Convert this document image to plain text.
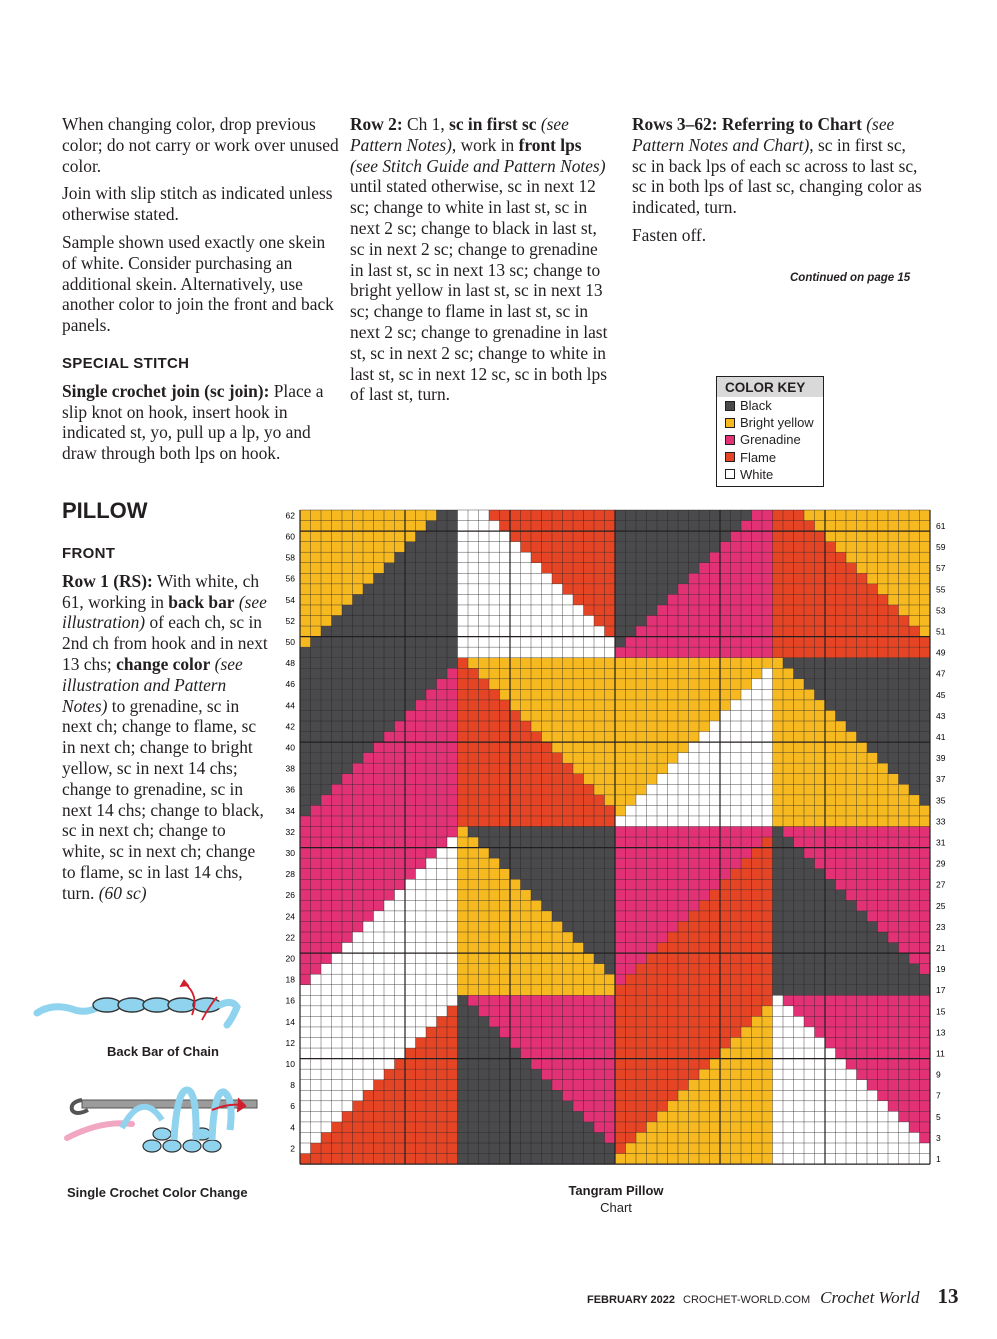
When changing color, drop previous color; do not carry or work over unused color.

Join with slip stitch as indicated unless otherwise stated.

Sample shown used exactly one skein of white. Consider purchasing an additional skein. Alternatively, use another color to join the front and back panels.

SPECIAL STITCH

Single crochet join (sc join): Place a slip knot on hook, insert hook in indicated st, yo, pull up a lp, yo and draw through both lps on hook.

Row 2: Ch 1, sc in first sc (see Pattern Notes), work in front lps (see Stitch Guide and Pattern Notes) until stated otherwise, sc in next 12 sc; change to white in last st, sc in next 2 sc; change to black in last st, sc in next 2 sc; change to grenadine in last st, sc in next 13 sc; change to bright yellow in last st, sc in next 13 sc; change to flame in last st, sc in next 2 sc; change to grenadine in last st, sc in next 2 sc; change to white in last st, sc in next 12 sc, sc in both lps of last st, turn.

Rows 3–62: Referring to Chart (see Pattern Notes and Chart), sc in first sc, sc in back lps of each sc across to last sc, sc in both lps of last sc, changing color as indicated, turn.

Fasten off.

Continued on page 15
COLOR KEY
Black
Bright yellow
Grenadine
Flame
White
PILLOW
FRONT

Row 1 (RS): With white, ch 61, working in back bar (see illustration) of each ch, sc in 2nd ch from hook and in next 13 chs; change color (see illustration and Pattern Notes) to grenadine, sc in next ch; change to flame, sc in next ch; change to bright yellow, sc in next 14 chs; change to grenadine, sc in next 14 chs; change to black, sc in next ch; change to white, sc in next ch; change to flame, sc in last 14 chs, turn. (60 sc)

Back Bar of Chain
Single Crochet Color Change
2
4
6
8
10
12
14
16
18
20
22
24
26
28
30
32
34
36
38
40
42
44
46
48
50
52
54
56
58
60
62
1
3
5
7
9
11
13
15
17
19
21
23
25
27
29
31
33
35
37
39
41
43
45
47
49
51
53
55
57
59
61
Tangram Pillow
Chart
FEBRUARY 2022 CROCHET-WORLD.COM Crochet World 13
